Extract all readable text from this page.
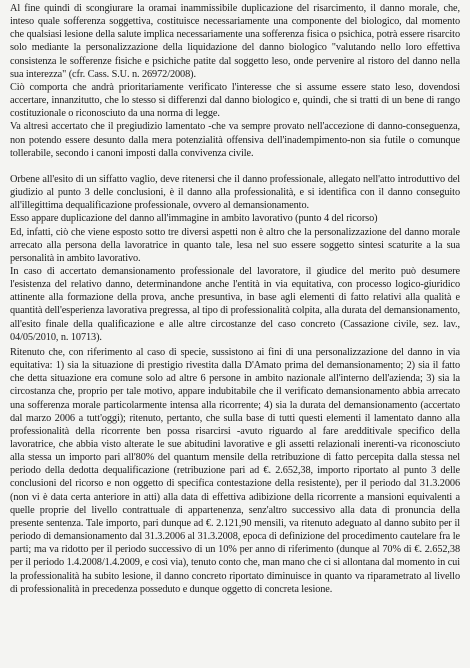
Al fine quindi di scongiurare la oramai inammissibile duplicazione del risarcimento, il danno morale, che, inteso quale sofferenza soggettiva, costituisce necessariamente una componente del biologico, dal momento che qualsiasi lesione della salute implica necessariamente una sofferenza fisica o psichica, potrà essere risarcito solo mediante la personalizzazione della liquidazione del danno biologico "valutando nello loro effettiva consistenza le sofferenze fisiche e psichiche patite dal soggetto leso, onde pervenire al ristoro del danno nella sua interezza" (cfr. Cass. S.U. n. 26972/2008).

Ciò comporta che andrà prioritariamente verificato l'interesse che si assume essere stato leso, dovendosi accertare, innanzitutto, che lo stesso si differenzi dal danno biologico e, quindi, che si tratti di un bene di rango costituzionale o riconosciuto da una norma di legge.

Va altresì accertato che il pregiudizio lamentato -che va sempre provato nell'accezione di danno-conseguenza, non potendo essere desunto dalla mera potenzialità offensiva dell'inadempimento-non sia futile o comunque tollerabile, secondo i canoni imposti dalla convivenza civile.

Orbene all'esito di un siffatto vaglio, deve ritenersi che il danno professionale, allegato nell'atto introduttivo del giudizio al punto 3 delle conclusioni, è il danno alla professionalità, e si identifica con il danno conseguito all'illegittima dequalificazione professionale, ovvero al demansionamento.

Esso appare duplicazione del danno all'immagine in ambito lavorativo (punto 4 del ricorso)

Ed, infatti, ciò che viene esposto sotto tre diversi aspetti non è altro che la personalizzazione del danno morale arrecato alla persona della lavoratrice in quanto tale, lesa nel suo essere soggetto sintesi scaturite a la sua personalità in ambito lavorativo.

In caso di accertato demansionamento professionale del lavoratore, il giudice del merito può desumere l'esistenza del relativo danno, determinandone anche l'entità in via equitativa, con processo logico-giuridico attinente alla formazione della prova, anche presuntiva, in base agli elementi di fatto relativi alla qualità e quantità dell'esperienza lavorativa pregressa, al tipo di professionalità colpita, alla durata del demansionamento, all'esito finale della qualificazione e alle altre circostanze del caso concreto (Cassazione civile, sez. lav., 04/05/2010, n. 10713).

Ritenuto che, con riferimento al caso di specie, sussistono ai fini di una personalizzazione del danno in via equitativa: 1) sia la situazione di prestigio rivestita dalla D'Amato prima del demansionamento; 2) sia il fatto che detta situazione era comune solo ad altre 6 persone in ambito nazionale all'interno dell'azienda; 3) sia la circostanza che, proprio per tale motivo, appare indubitabile che il verificato demansionamento abbia arrecato una sofferenza morale particolarmente intensa alla ricorrente; 4) sia la durata del demansionamento (accertato dal marzo 2006 a tutt'oggi); ritenuto, pertanto, che sulla base di tutti questi elementi il lamentato danno alla professionalità della ricorrente ben possa risarcirsi -avuto riguardo al fare aredditivale specifico della lavoratrice, che abbia visto alterate le sue abitudini lavorative e gli assetti relazionali inerenti-va riconosciuto alla stessa un importo pari all'80% del quantum mensile della retribuzione di fatto percepita dalla stessa nel periodo della dedotta dequalificazione (retribuzione pari ad €. 2.652,38, importo riportato al punto 3 delle conclusioni del ricorso e non oggetto di specifica contestazione della resistente), per il periodo dal 31.3.2006 (non vi è data certa anteriore in atti) alla data di effettiva adibizione della ricorrente a mansioni equivalenti a quelle proprie del livello contrattuale di appartenenza, senz'altro successivo alla data di pronuncia della presente sentenza. Tale importo, pari dunque ad €. 2.121,90 mensili, va ritenuto adeguato al danno subito per il periodo di demansionamento dal 31.3.2006 al 31.3.2008, epoca di definizione del procedimento cautelare fra le parti; ma va ridotto per il periodo successivo di un 10% per anno di riferimento (dunque al 70% di €. 2.652,38 per il periodo 1.4.2008/1.4.2009, e così via), tenuto conto che, man mano che ci si allontana dal momento in cui la professionalità ha subito lesione, il danno concreto riportato diminuisce in quanto va riparametrato al livello di professionalità in precedenza posseduto e dunque oggetto di concreta lesione.
